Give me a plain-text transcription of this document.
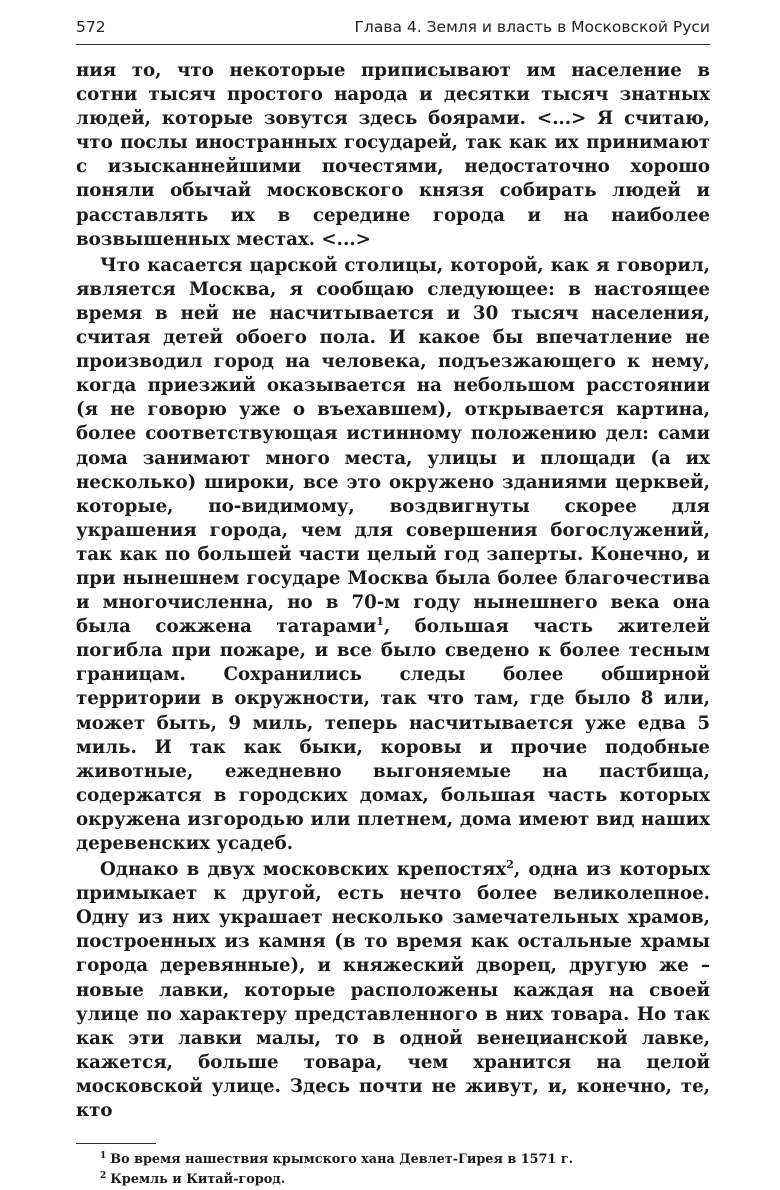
572	Глава 4. Земля и власть в Московской Руси

ния то, что некоторые приписывают им население в сотни тысяч простого народа и десятки тысяч знатных людей, которые зовутся здесь боярами. <...> Я считаю, что послы иностранных государей, так как их принимают с изысканнейшими почестями, недостаточно хорошо поняли обычай московского князя собирать людей и расставлять их в середине города и на наиболее возвышенных местах. <...>

Что касается царской столицы, которой, как я говорил, является Москва, я сообщаю следующее: в настоящее время в ней не насчитывается и 30 тысяч населения, считая детей обоего пола. И какое бы впечатление не производил город на человека, подъезжающего к нему, когда приезжий оказывается на небольшом расстоянии (я не говорю уже о въехавшем), открывается картина, более соответствующая истинному положению дел: сами дома занимают много места, улицы и площади (а их несколько) широки, все это окружено зданиями церквей, которые, по-видимому, воздвигнуты скорее для украшения города, чем для совершения богослужений, так как по большей части целый год заперты. Конечно, и при нынешнем государе Москва была более благочестива и многочисленна, но в 70-м году нынешнего века она была сожжена татарами$^1$, большая часть жителей погибла при пожаре, и все было сведено к более тесным границам. Сохранились следы более обширной территории в окружности, так что там, где было 8 или, может быть, 9 миль, теперь насчитывается уже едва 5 миль. И так как быки, коровы и прочие подобные животные, ежедневно выгоняемые на пастбища, содержатся в городских домах, большая часть которых окружена изгородью или плетнем, дома имеют вид наших деревенских усадеб.

Однако в двух московских крепостях$^2$, одна из которых примыкает к другой, есть нечто более великолепное. Одну из них украшает несколько замечательных храмов, построенных из камня (в то время как остальные храмы города деревянные), и княжеский дворец, другую же – новые лавки, которые расположены каждая на своей улице по характеру представленного в них товара. Но так как эти лавки малы, то в одной венецианской лавке, кажется, больше товара, чем хранится на целой московской улице. Здесь почти не живут, и, конечно, те, кто

$^1$ Во время нашествия крымского хана Девлет-Гирея в 1571 г.
$^2$ Кремль и Китай-город.
